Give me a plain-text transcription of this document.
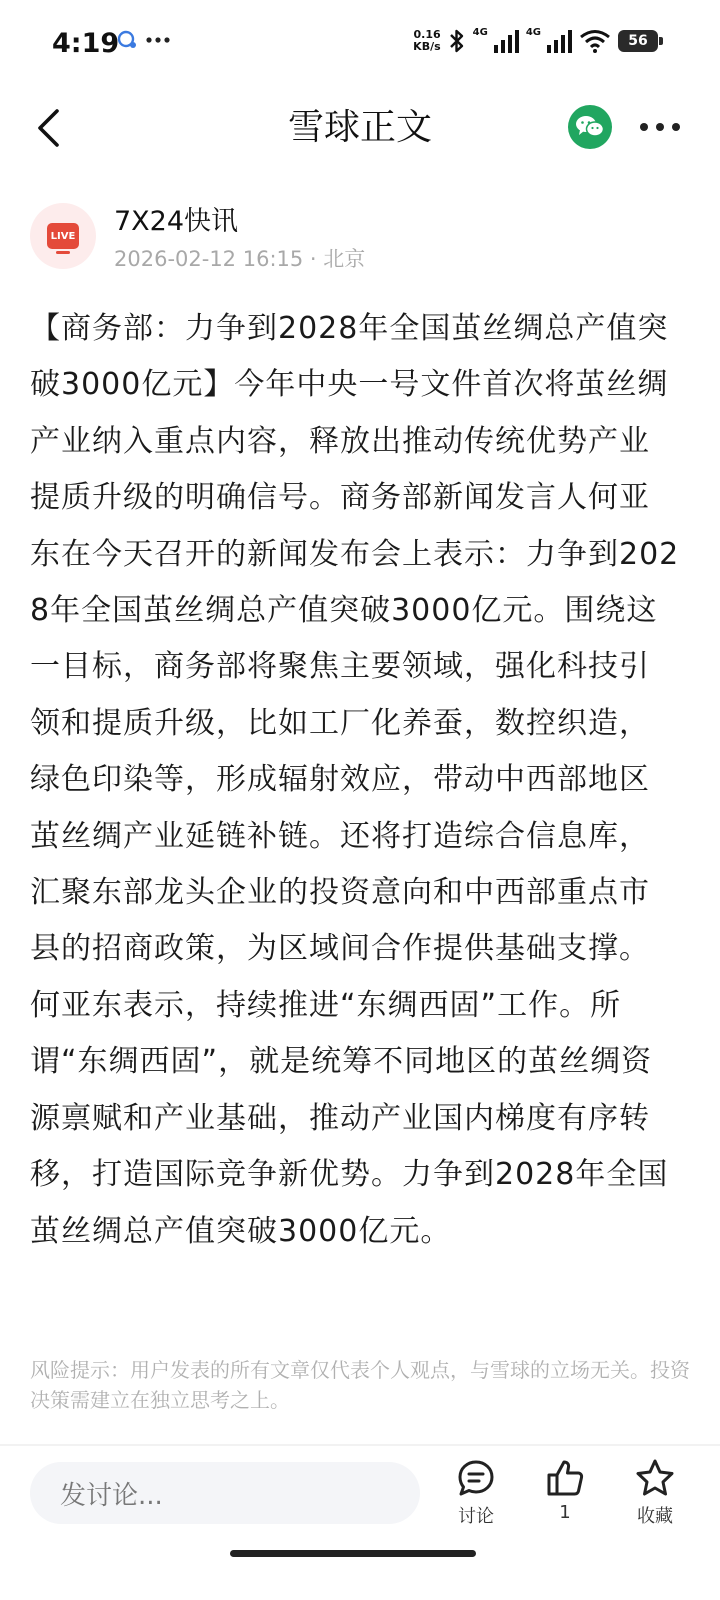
4:19	0.16
KB/s
4G	4G
56
雪球正文
LIVE 7X24快讯
2026-02-12 16:15 · 北京
【商务部：力争到2028年全国茧丝绸总产值突破3000亿元】今年中央一号文件首次将茧丝绸产业纳入重点内容，释放出推动传统优势产业提质升级的明确信号。商务部新闻发言人何亚东在今天召开的新闻发布会上表示：力争到2028年全国茧丝绸总产值突破3000亿元。围绕这一目标，商务部将聚焦主要领域，强化科技引领和提质升级，比如工厂化养蚕，数控织造，绿色印染等，形成辐射效应，带动中西部地区茧丝绸产业延链补链。还将打造综合信息库，汇聚东部龙头企业的投资意向和中西部重点市县的招商政策，为区域间合作提供基础支撑。何亚东表示，持续推进“东绸西固”工作。所谓“东绸西固”，就是统筹不同地区的茧丝绸资源禀赋和产业基础，推动产业国内梯度有序转移，打造国际竞争新优势。力争到2028年全国茧丝绸总产值突破3000亿元。
风险提示：用户发表的所有文章仅代表个人观点，与雪球的立场无关。投资决策需建立在独立思考之上。
发讨论...
讨论	1	收藏
